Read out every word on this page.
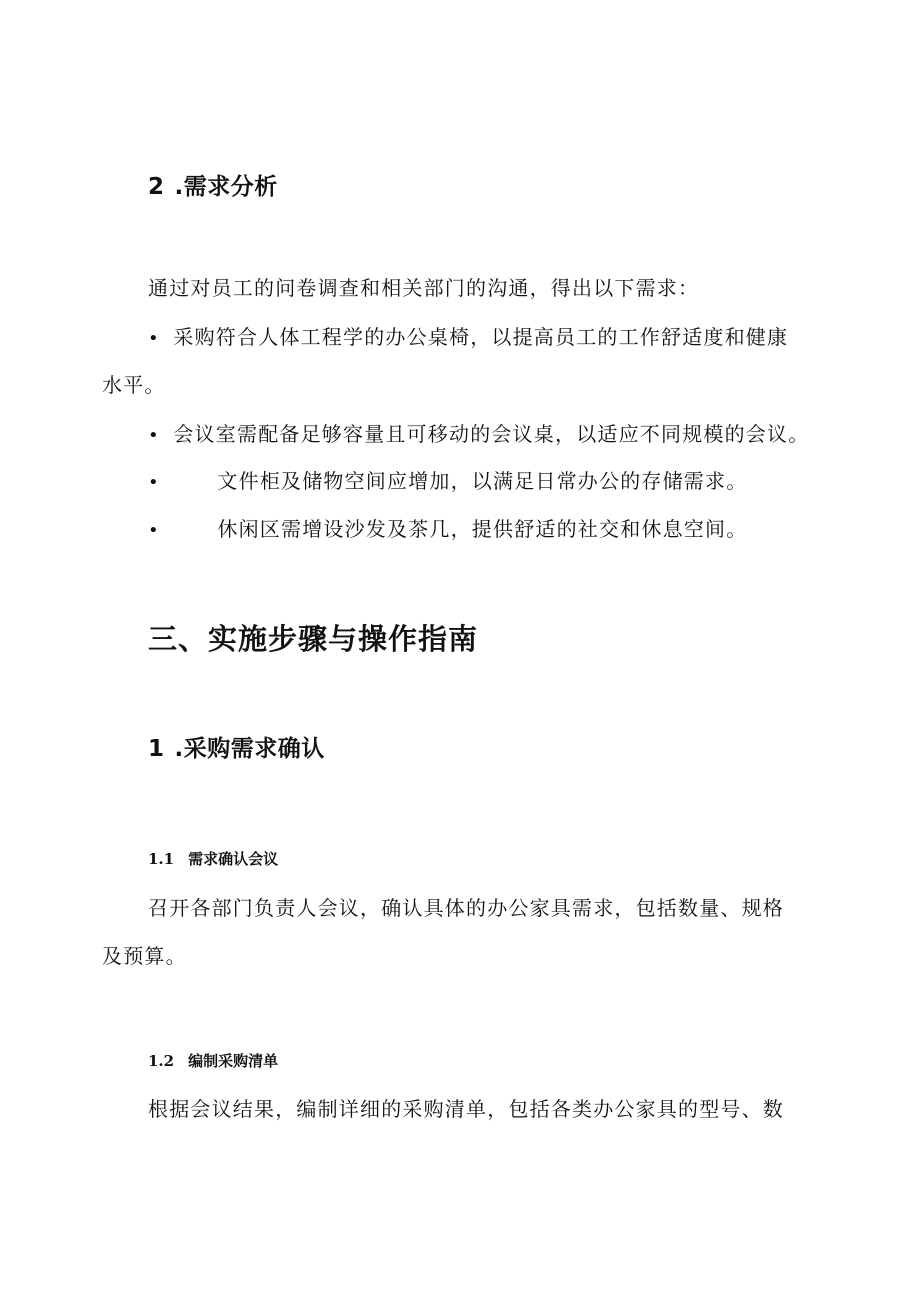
2 .需求分析
通过对员工的问卷调查和相关部门的沟通，得出以下需求：
• 采购符合人体工程学的办公桌椅，以提高员工的工作舒适度和健康
水平。
• 会议室需配备足够容量且可移动的会议桌，以适应不同规模的会议。
•	文件柜及储物空间应增加，以满足日常办公的存储需求。
•	休闲区需增设沙发及茶几，提供舒适的社交和休息空间。
三、实施步骤与操作指南
1 .采购需求确认
1.1 需求确认会议
召开各部门负责人会议，确认具体的办公家具需求，包括数量、规格
及预算。
1.2 编制采购清单
根据会议结果，编制详细的采购清单，包括各类办公家具的型号、数
